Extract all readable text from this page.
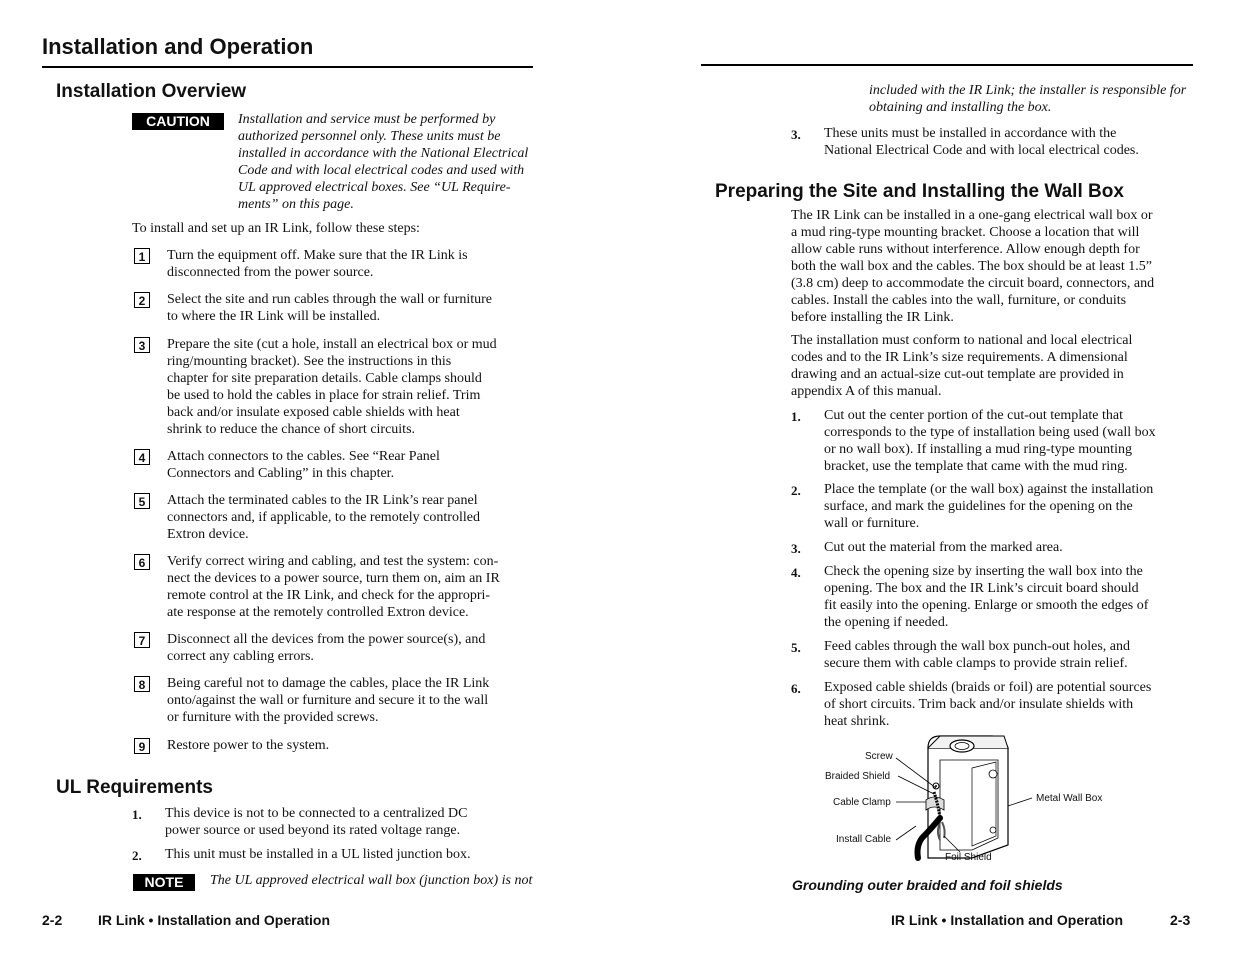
Installation and Operation
Installation Overview
CAUTION	Installation and service must be performed by
authorized personnel only. These units must be
installed in accordance with the National Electrical
Code and with local electrical codes and used with
UL approved electrical boxes. See “UL Require-
ments” on this page.
To install and set up an IR Link, follow these steps:
1	Turn the equipment off. Make sure that the IR Link is
disconnected from the power source.
2	Select the site and run cables through the wall or furniture
to where the IR Link will be installed.
3	Prepare the site (cut a hole, install an electrical box or mud
ring/mounting bracket). See the instructions in this
chapter for site preparation details. Cable clamps should
be used to hold the cables in place for strain relief. Trim
back and/or insulate exposed cable shields with heat
shrink to reduce the chance of short circuits.
4	Attach connectors to the cables. See “Rear Panel
Connectors and Cabling” in this chapter.
5	Attach the terminated cables to the IR Link’s rear panel
connectors and, if applicable, to the remotely controlled
Extron device.
6	Verify correct wiring and cabling, and test the system: con-
nect the devices to a power source, turn them on, aim an IR
remote control at the IR Link, and check for the appropri-
ate response at the remotely controlled Extron device.
7	Disconnect all the devices from the power source(s), and
correct any cabling errors.
8	Being careful not to damage the cables, place the IR Link
onto/against the wall or furniture and secure it to the wall
or furniture with the provided screws.
9	Restore power to the system.
UL Requirements
1. This device is not to be connected to a centralized DC
power source or used beyond its rated voltage range.
2. This unit must be installed in a UL listed junction box.
NOTE	The UL approved electrical wall box (junction box) is not
2-2	IR Link • Installation and Operation
included with the IR Link; the installer is responsible for
obtaining and installing the box.
3. These units must be installed in accordance with the
National Electrical Code and with local electrical codes.
Preparing the Site and Installing the Wall Box
The IR Link can be installed in a one-gang electrical wall box or
a mud ring-type mounting bracket. Choose a location that will
allow cable runs without interference. Allow enough depth for
both the wall box and the cables. The box should be at least 1.5”
(3.8 cm) deep to accommodate the circuit board, connectors, and
cables. Install the cables into the wall, furniture, or conduits
before installing the IR Link.
The installation must conform to national and local electrical
codes and to the IR Link’s size requirements. A dimensional
drawing and an actual-size cut-out template are provided in
appendix A of this manual.
1. Cut out the center portion of the cut-out template that
corresponds to the type of installation being used (wall box
or no wall box). If installing a mud ring-type mounting
bracket, use the template that came with the mud ring.
2. Place the template (or the wall box) against the installation
surface, and mark the guidelines for the opening on the
wall or furniture.
3. Cut out the material from the marked area.
4. Check the opening size by inserting the wall box into the
opening. The box and the IR Link’s circuit board should
fit easily into the opening. Enlarge or smooth the edges of
the opening if needed.
5. Feed cables through the wall box punch-out holes, and
secure them with cable clamps to provide strain relief.
6. Exposed cable shields (braids or foil) are potential sources
of short circuits. Trim back and/or insulate shields with
heat shrink.
Screw
Braided Shield
Cable Clamp
Install Cable
Foil Shield
Metal Wall Box
Grounding outer braided and foil shields
IR Link • Installation and Operation	2-3
